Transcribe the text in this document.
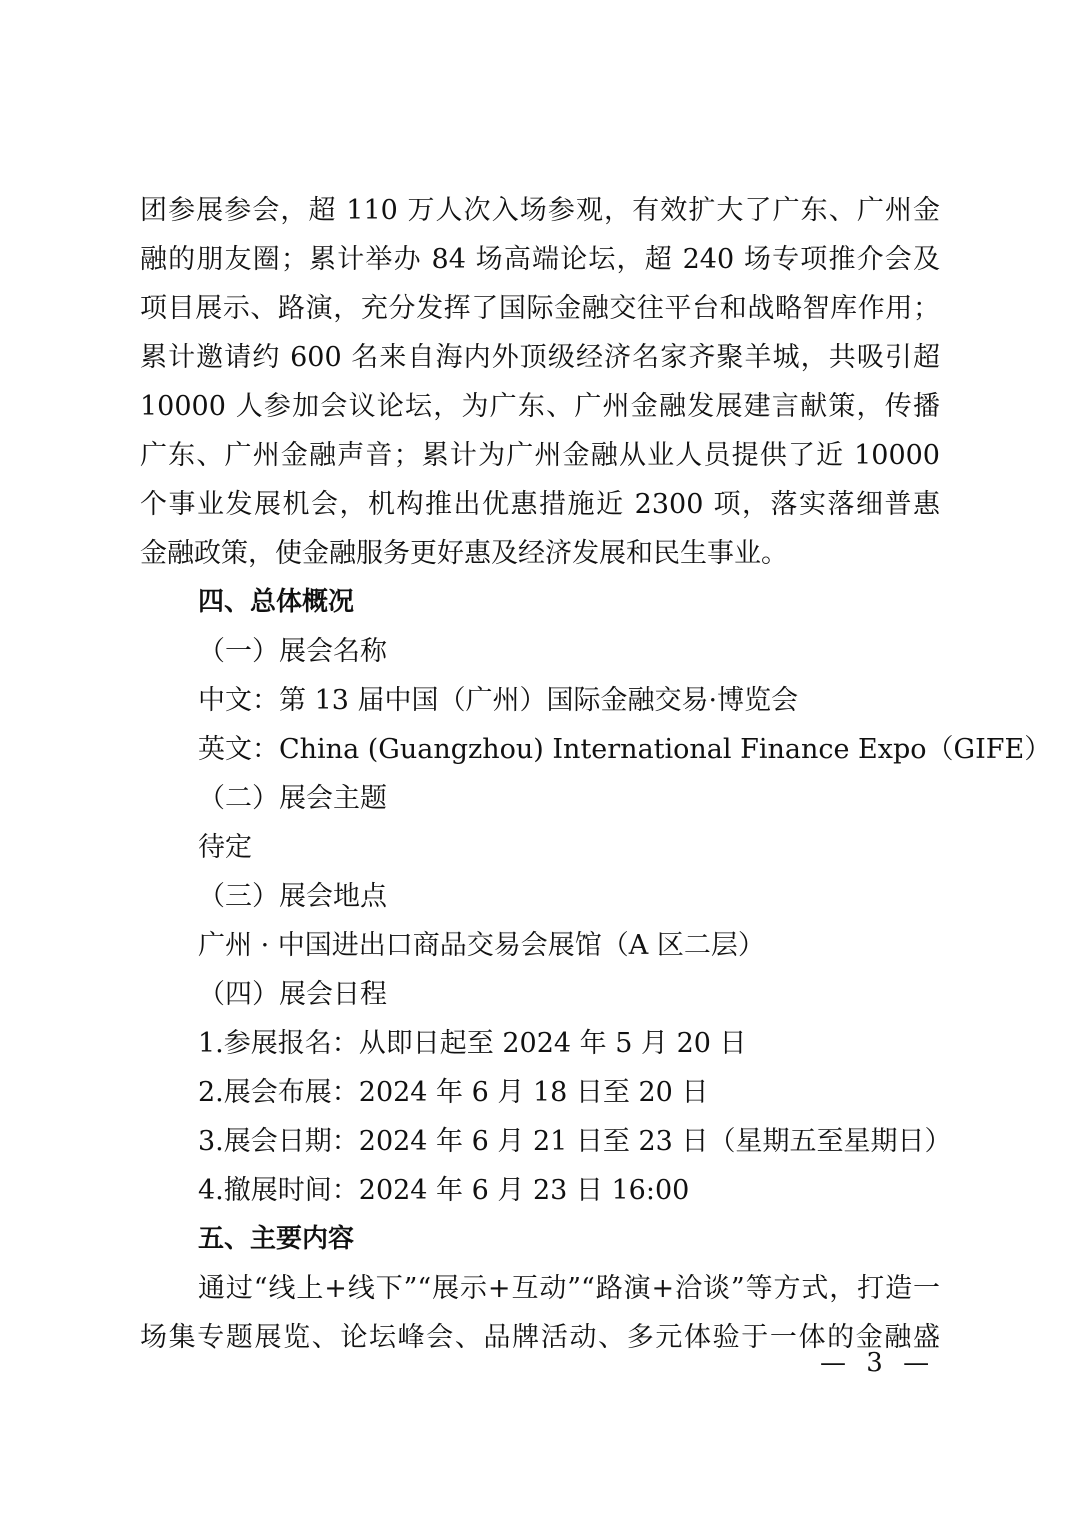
团参展参会，超 110 万人次入场参观，有效扩大了广东、广州金
融的朋友圈；累计举办 84 场高端论坛，超 240 场专项推介会及
项目展示、路演，充分发挥了国际金融交往平台和战略智库作用；
累计邀请约 600 名来自海内外顶级经济名家齐聚羊城，共吸引超
10000 人参加会议论坛，为广东、广州金融发展建言献策，传播
广东、广州金融声音；累计为广州金融从业人员提供了近 10000
个事业发展机会，机构推出优惠措施近 2300 项，落实落细普惠
金融政策，使金融服务更好惠及经济发展和民生事业。
四、总体概况
（一）展会名称
中文：第 13 届中国（广州）国际金融交易·博览会
英文：China (Guangzhou) International Finance Expo（GIFE）
（二）展会主题
待定
（三）展会地点
广州 · 中国进出口商品交易会展馆（A 区二层）
（四）展会日程
1.参展报名：从即日起至 2024 年 5 月 20 日
2.展会布展：2024 年 6 月 18 日至 20 日
3.展会日期：2024 年 6 月 21 日至 23 日（星期五至星期日）
4.撤展时间：2024 年 6 月 23 日 16:00
五、主要内容
通过“线上+线下”“展示+互动”“路演+洽谈”等方式，打造一
场集专题展览、论坛峰会、品牌活动、多元体验于一体的金融盛
— 3 —
